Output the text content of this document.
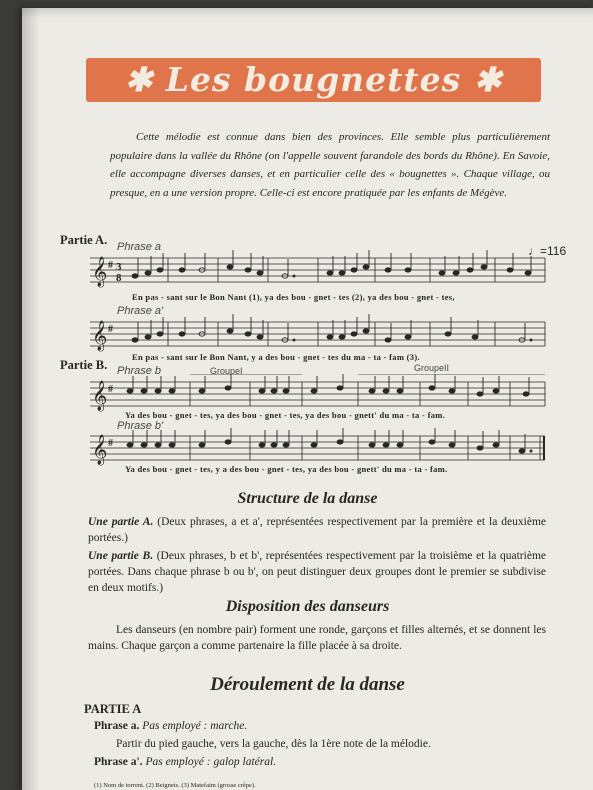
✱ Les bougnettes ✱

Cette mélodie est connue dans bien des provinces. Elle semble plus particulièrement populaire dans la vallée du Rhône (on l'appelle souvent farandole des bords du Rhône). En Savoie, elle accompagne diverses danses, et en particulier celle des « bougnettes ». Chaque village, ou presque, en a une version propre. Celle-ci est encore pratiquée par les enfants de Mégève.

Partie A.
♩=116
Phrase a
𝄞 # 3
8
En pas - sant sur le Bon Nant (1), ya des bou - gnet - tes (2), ya des bou - gnet - tes,
Phrase a'
𝄞 #
En pas - sant sur le Bon Nant, y a des bou - gnet - tes du ma - ta - fam (3).
Partie B. Phrase b	GroupeI	GroupeII
𝄞 #
Ya des bou - gnet - tes, ya des bou - gnet - tes, ya des bou - gnett' du ma - ta - fam.
Phrase b'
𝄞 #
Ya des bou - gnet - tes, y a des bou - gnet - tes, ya des bou - gnett' du ma - ta - fam.
Structure de la danse
Une partie A. (Deux phrases, a et a', représentées respectivement par la première et la deuxième portées.)
Une partie B. (Deux phrases, b et b', représentées respectivement par la troisième et la quatrième portées. Dans chaque phrase b ou b', on peut distinguer deux groupes dont le premier se subdivise en deux motifs.)
Disposition des danseurs
Les danseurs (en nombre pair) forment une ronde, garçons et filles alternés, et se donnent les mains. Chaque garçon a comme partenaire la fille placée à sa droite.
Déroulement de la danse
PARTIE A
Phrase a. Pas employé : marche.
Partir du pied gauche, vers la gauche, dès la 1ère note de la mélodie.
Phrase a'. Pas employé : galop latéral.
(1) Nom de torrent. (2) Beignets. (3) Matefaim (grosse crêpe).
